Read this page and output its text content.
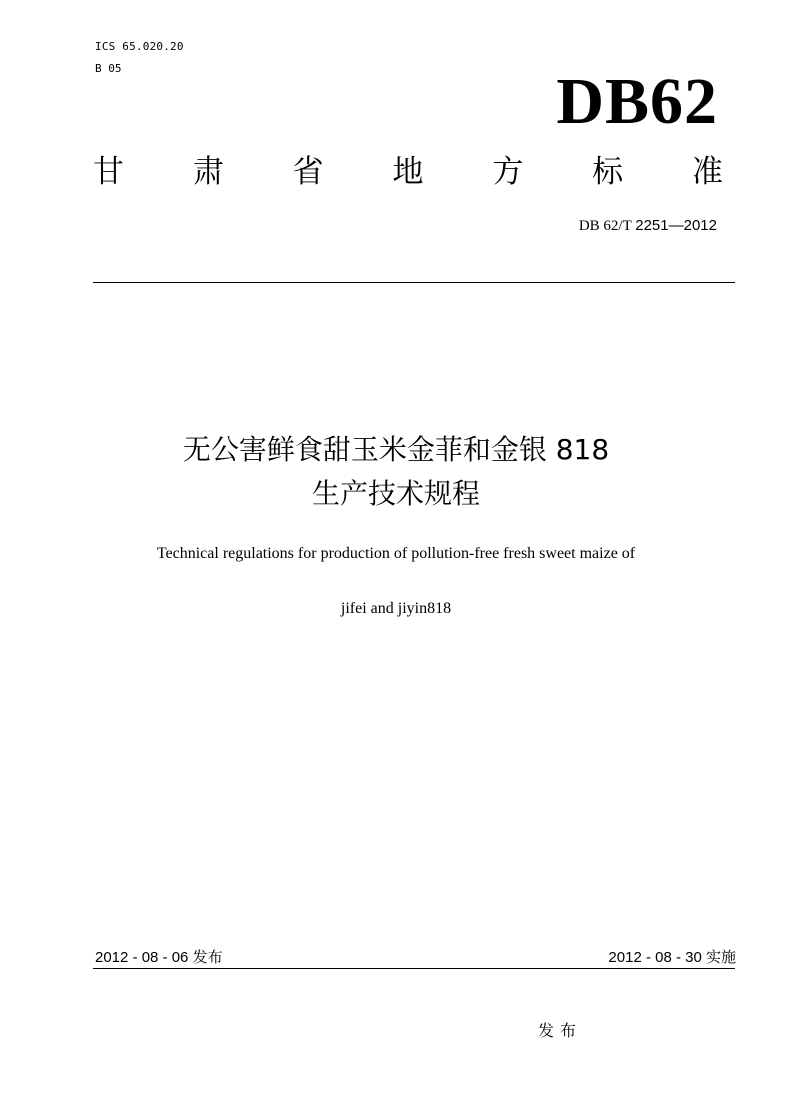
ICS 65.020.20
B 05	DB62
甘 肃 省 地 方 标 准
DB 62/T 2251—2012
无公害鲜食甜玉米金菲和金银 818
生产技术规程
Technical regulations for production of pollution-free fresh sweet maize of
jifei and jiyin818
2012 - 08 - 06 发布	2012 - 08 - 30 实施
发布
